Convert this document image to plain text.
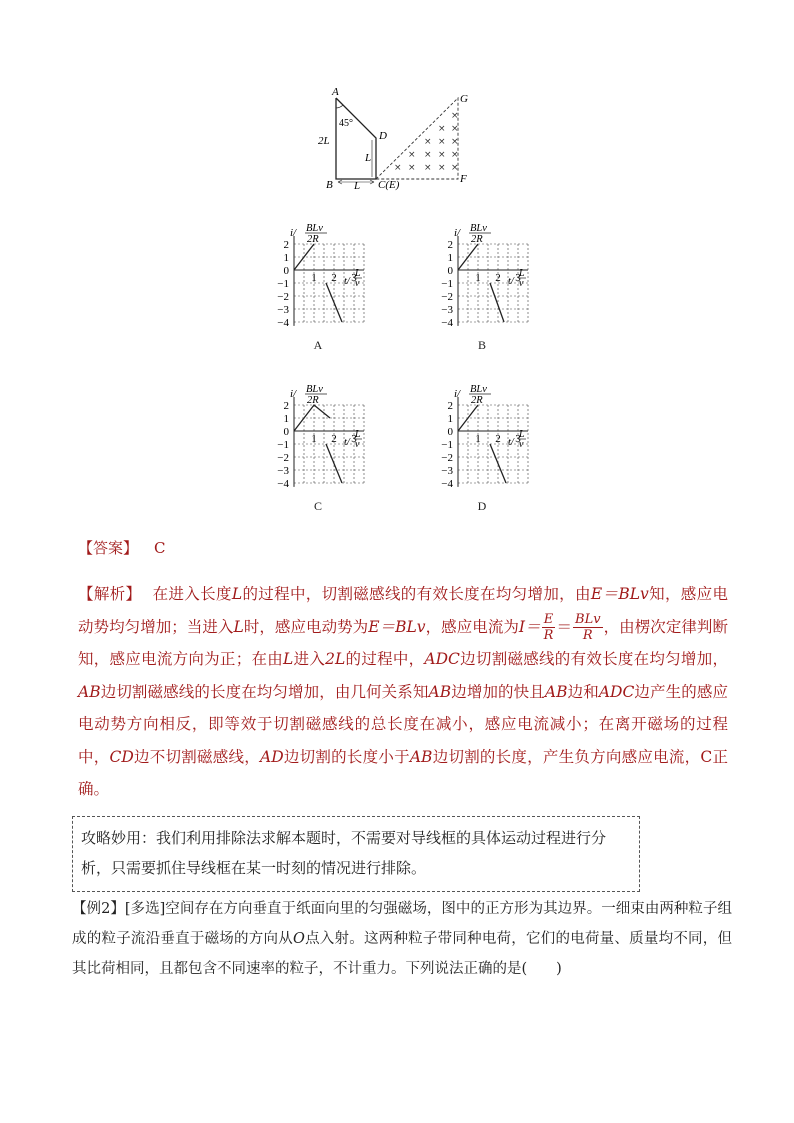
×
× ×
× × ×
× × × ×
× × × × ×
A
B	C(E)
D
F
G
45°
2L
L
L
2
1
0
−1
−2
−3
−4
1 2 3
i/ BLv
2R
t/
L
v
A
2
1
0
−1
−2
−3
−4
1 2 3
i/ BLv
2R
t/
L
v
B
2
1
0
−1
−2
−3
−4
1 2 3
i/ BLv
2R
t/
L
v
C
2
1
0
−1
−2
−3
−4
1 2 3
i/ BLv
2R
t/
L
v
D
【答案】 C
【解析】 在进入长度L的过程中，切割磁感线的有效长度在均匀增加，由E＝BLv知，感应电动势均匀增加；当进入L时，感应电动势为E＝BLv，感应电流为$I= \frac{E}{R} = \frac{\text{BLv}}{R}$ ，由楞次定律判断知，感应电流方向为正；在由L进入2L的过程中，ADC边切割磁感线的有效长度在均匀增加，AB边切割磁感线的长度在均匀增加，由几何关系知AB边增加的快且AB边和ADC边产生的感应电动势方向相反，即等效于切割磁感线的总长度在减小，感应电流减小；在离开磁场的过程中，CD边不切割磁感线，AD边切割的长度小于AB边切割的长度，产生负方向感应电流，C正确。
攻略妙用：我们利用排除法求解本题时，不需要对导线框的具体运动过程进行分析，只需要抓住导线框在某一时刻的情况进行排除。
【例2】[多选]空间存在方向垂直于纸面向里的匀强磁场，图中的正方形为其边界。一细束由两种粒子组成的粒子流沿垂直于磁场的方向从O点入射。这两种粒子带同种电荷，它们的电荷量、质量均不同，但其比荷相同，且都包含不同速率的粒子，不计重力。下列说法正确的是(　　)
